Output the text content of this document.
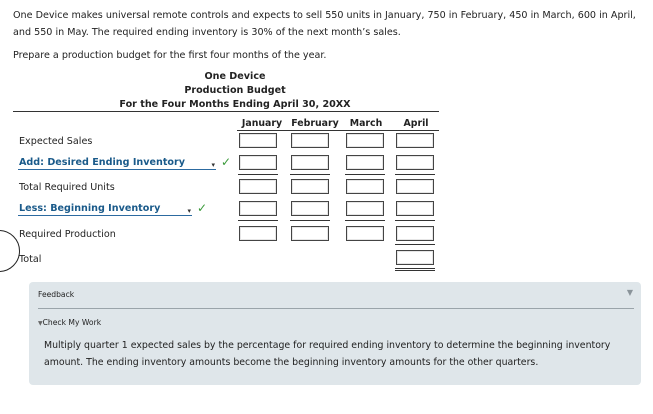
One Device makes universal remote controls and expects to sell 550 units in January, 750 in February, 450 in March, 600 in April, and 550 in May. The required ending inventory is 30% of the next month’s sales.
Prepare a production budget for the first four months of the year.
One Device
Production Budget
For the Four Months Ending April 30, 20XX
January February	March	April
Expected Sales
Add: Desired Ending Inventory	▾ ✓
Total Required Units
Less: Beginning Inventory	▾ ✓
Required Production
Total
Feedback	▼
▼Check My Work
Multiply quarter 1 expected sales by the percentage for required ending inventory to determine the beginning inventory amount. The ending inventory amounts become the beginning inventory amounts for the other quarters.
